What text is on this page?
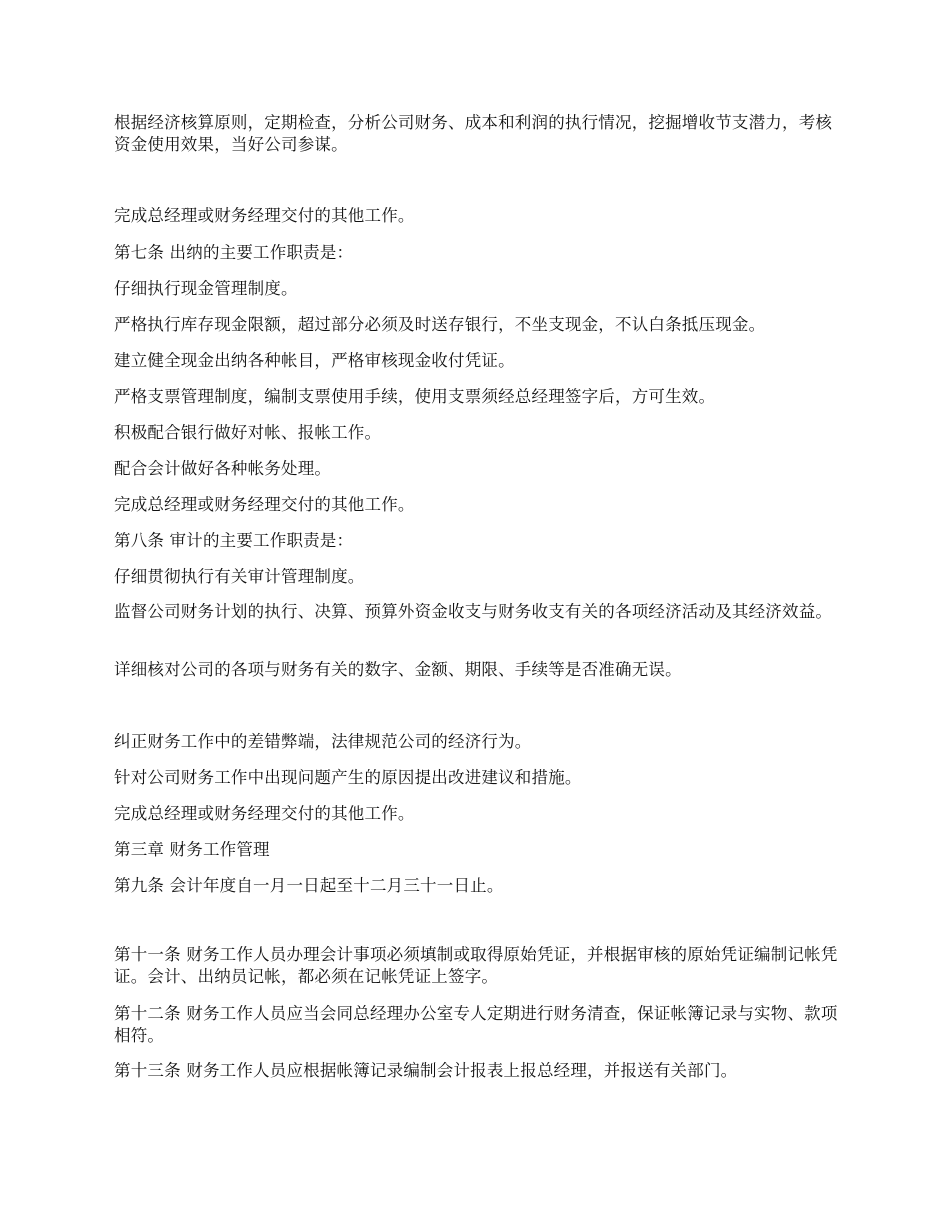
根据经济核算原则，定期检查，分析公司财务、成本和利润的执行情况，挖掘增收节支潜力，考核资金使用效果，当好公司参谋。
完成总经理或财务经理交付的其他工作。
第七条 出纳的主要工作职责是：
仔细执行现金管理制度。
严格执行库存现金限额，超过部分必须及时送存银行，不坐支现金，不认白条抵压现金。
建立健全现金出纳各种帐目，严格审核现金收付凭证。
严格支票管理制度，编制支票使用手续，使用支票须经总经理签字后，方可生效。
积极配合银行做好对帐、报帐工作。
配合会计做好各种帐务处理。
完成总经理或财务经理交付的其他工作。
第八条 审计的主要工作职责是：
仔细贯彻执行有关审计管理制度。
监督公司财务计划的执行、决算、预算外资金收支与财务收支有关的各项经济活动及其经济效益。
详细核对公司的各项与财务有关的数字、金额、期限、手续等是否准确无误。
纠正财务工作中的差错弊端，法律规范公司的经济行为。
针对公司财务工作中出现问题产生的原因提出改进建议和措施。
完成总经理或财务经理交付的其他工作。
第三章 财务工作管理
第九条 会计年度自一月一日起至十二月三十一日止。
第十一条 财务工作人员办理会计事项必须填制或取得原始凭证，并根据审核的原始凭证编制记帐凭证。会计、出纳员记帐，都必须在记帐凭证上签字。
第十二条 财务工作人员应当会同总经理办公室专人定期进行财务清查，保证帐簿记录与实物、款项相符。
第十三条 财务工作人员应根据帐簿记录编制会计报表上报总经理，并报送有关部门。
